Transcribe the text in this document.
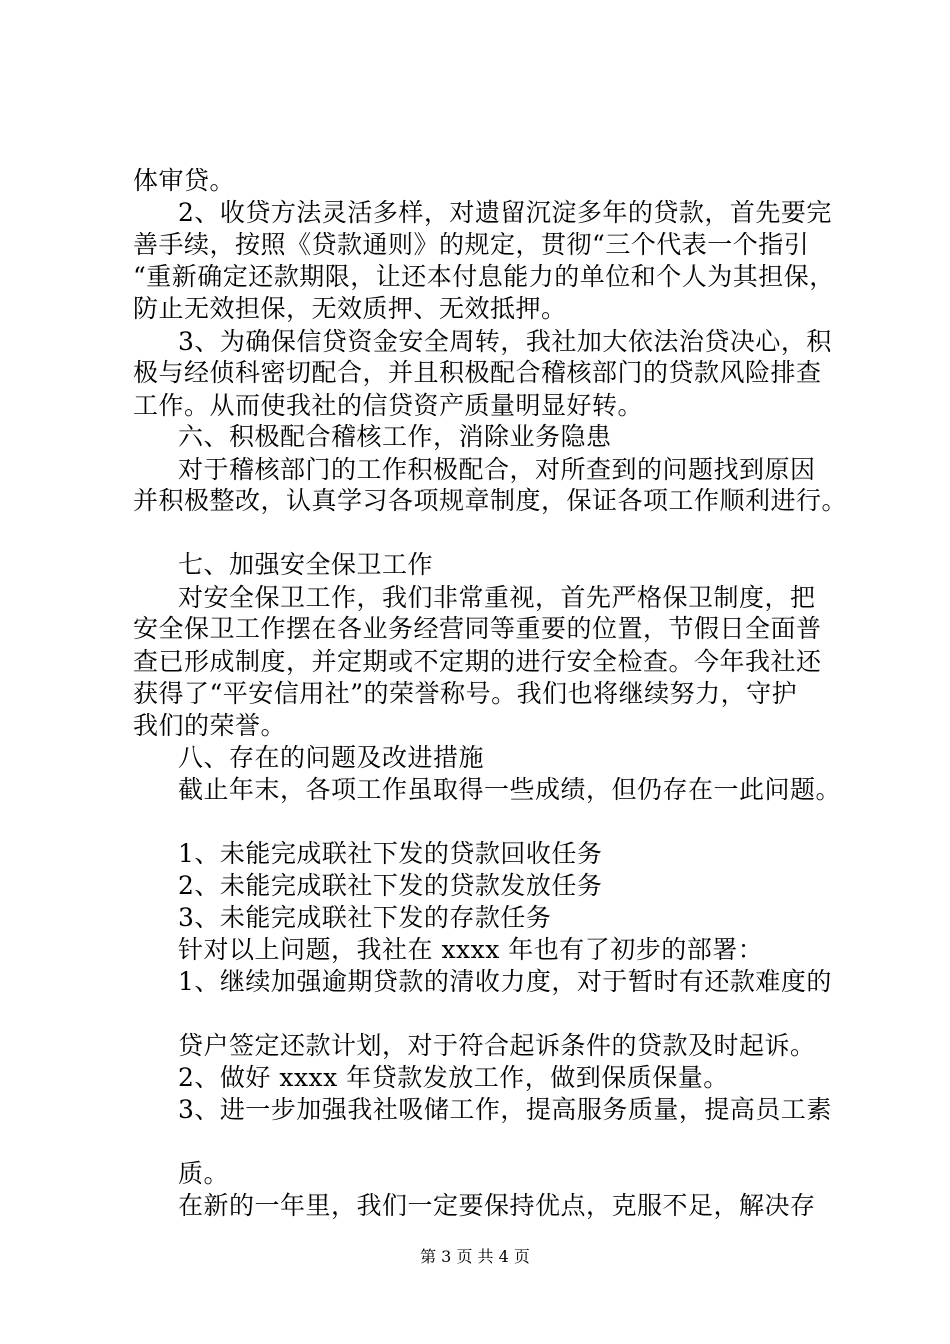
体审贷。
2、收贷方法灵活多样，对遗留沉淀多年的贷款，首先要完
善手续，按照《贷款通则》的规定，贯彻“三个代表一个指引
“重新确定还款期限，让还本付息能力的单位和个人为其担保，
防止无效担保，无效质押、无效抵押。
3、为确保信贷资金安全周转，我社加大依法治贷决心，积
极与经侦科密切配合，并且积极配合稽核部门的贷款风险排查
工作。从而使我社的信贷资产质量明显好转。
六、积极配合稽核工作，消除业务隐患
对于稽核部门的工作积极配合，对所查到的问题找到原因
并积极整改，认真学习各项规章制度，保证各项工作顺利进行。
七、加强安全保卫工作
对安全保卫工作，我们非常重视，首先严格保卫制度，把
安全保卫工作摆在各业务经营同等重要的位置，节假日全面普
查已形成制度，并定期或不定期的进行安全检查。今年我社还
获得了“平安信用社”的荣誉称号。我们也将继续努力，守护
我们的荣誉。
八、存在的问题及改进措施
截止年末，各项工作虽取得一些成绩，但仍存在一此问题。
1、未能完成联社下发的贷款回收任务
2、未能完成联社下发的贷款发放任务
3、未能完成联社下发的存款任务
针对以上问题，我社在 xxxx 年也有了初步的部署：
1、继续加强逾期贷款的清收力度，对于暂时有还款难度的
贷户签定还款计划，对于符合起诉条件的贷款及时起诉。
2、做好 xxxx 年贷款发放工作，做到保质保量。
3、进一步加强我社吸储工作，提高服务质量，提高员工素
质。
在新的一年里，我们一定要保持优点，克服不足，解决存
第 3 页 共 4 页
